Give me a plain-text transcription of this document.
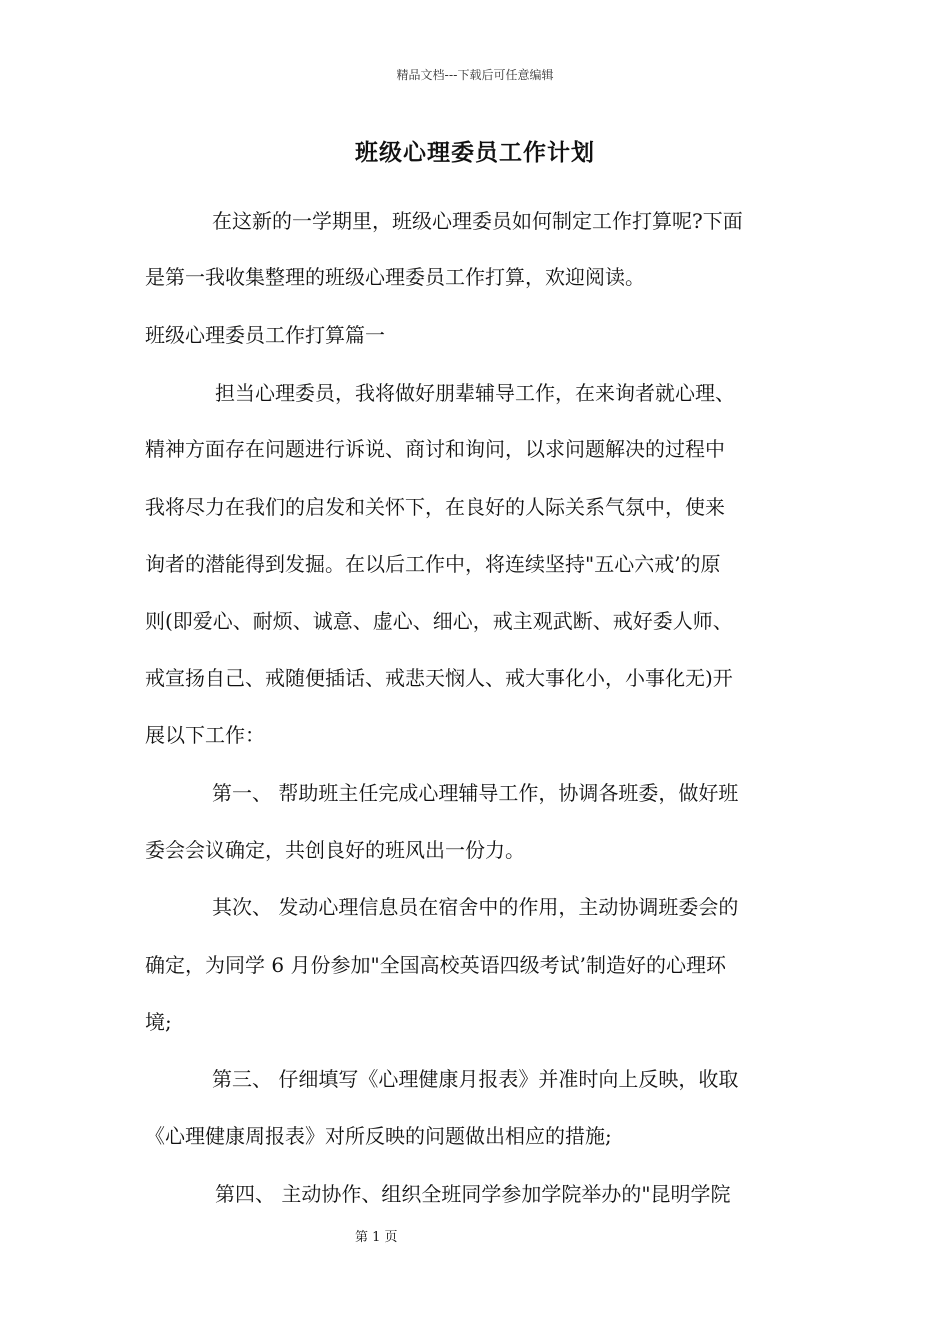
精品文档---下载后可任意编辑
班级心理委员工作计划
在这新的一学期里，班级心理委员如何制定工作打算呢?下面
是第一我收集整理的班级心理委员工作打算，欢迎阅读。
班级心理委员工作打算篇一
担当心理委员，我将做好朋辈辅导工作，在来询者就心理、
精神方面存在问题进行诉说、商讨和询问，以求问题解决的过程中
我将尽力在我们的启发和关怀下，在良好的人际关系气氛中，使来
询者的潜能得到发掘。在以后工作中，将连续坚持"五心六戒’的原
则(即爱心、耐烦、诚意、虚心、细心，戒主观武断、戒好委人师、
戒宣扬自己、戒随便插话、戒悲天悯人、戒大事化小，小事化无)开
展以下工作：
第一、 帮助班主任完成心理辅导工作，协调各班委，做好班
委会会议确定，共创良好的班风出一份力。
其次、 发动心理信息员在宿舍中的作用，主动协调班委会的
确定，为同学 6 月份参加"全国高校英语四级考试’制造好的心理环
境;
第三、 仔细填写《心理健康月报表》并准时向上反映，收取
《心理健康周报表》对所反映的问题做出相应的措施;
第四、 主动协作、组织全班同学参加学院举办的"昆明学院
第 1 页
